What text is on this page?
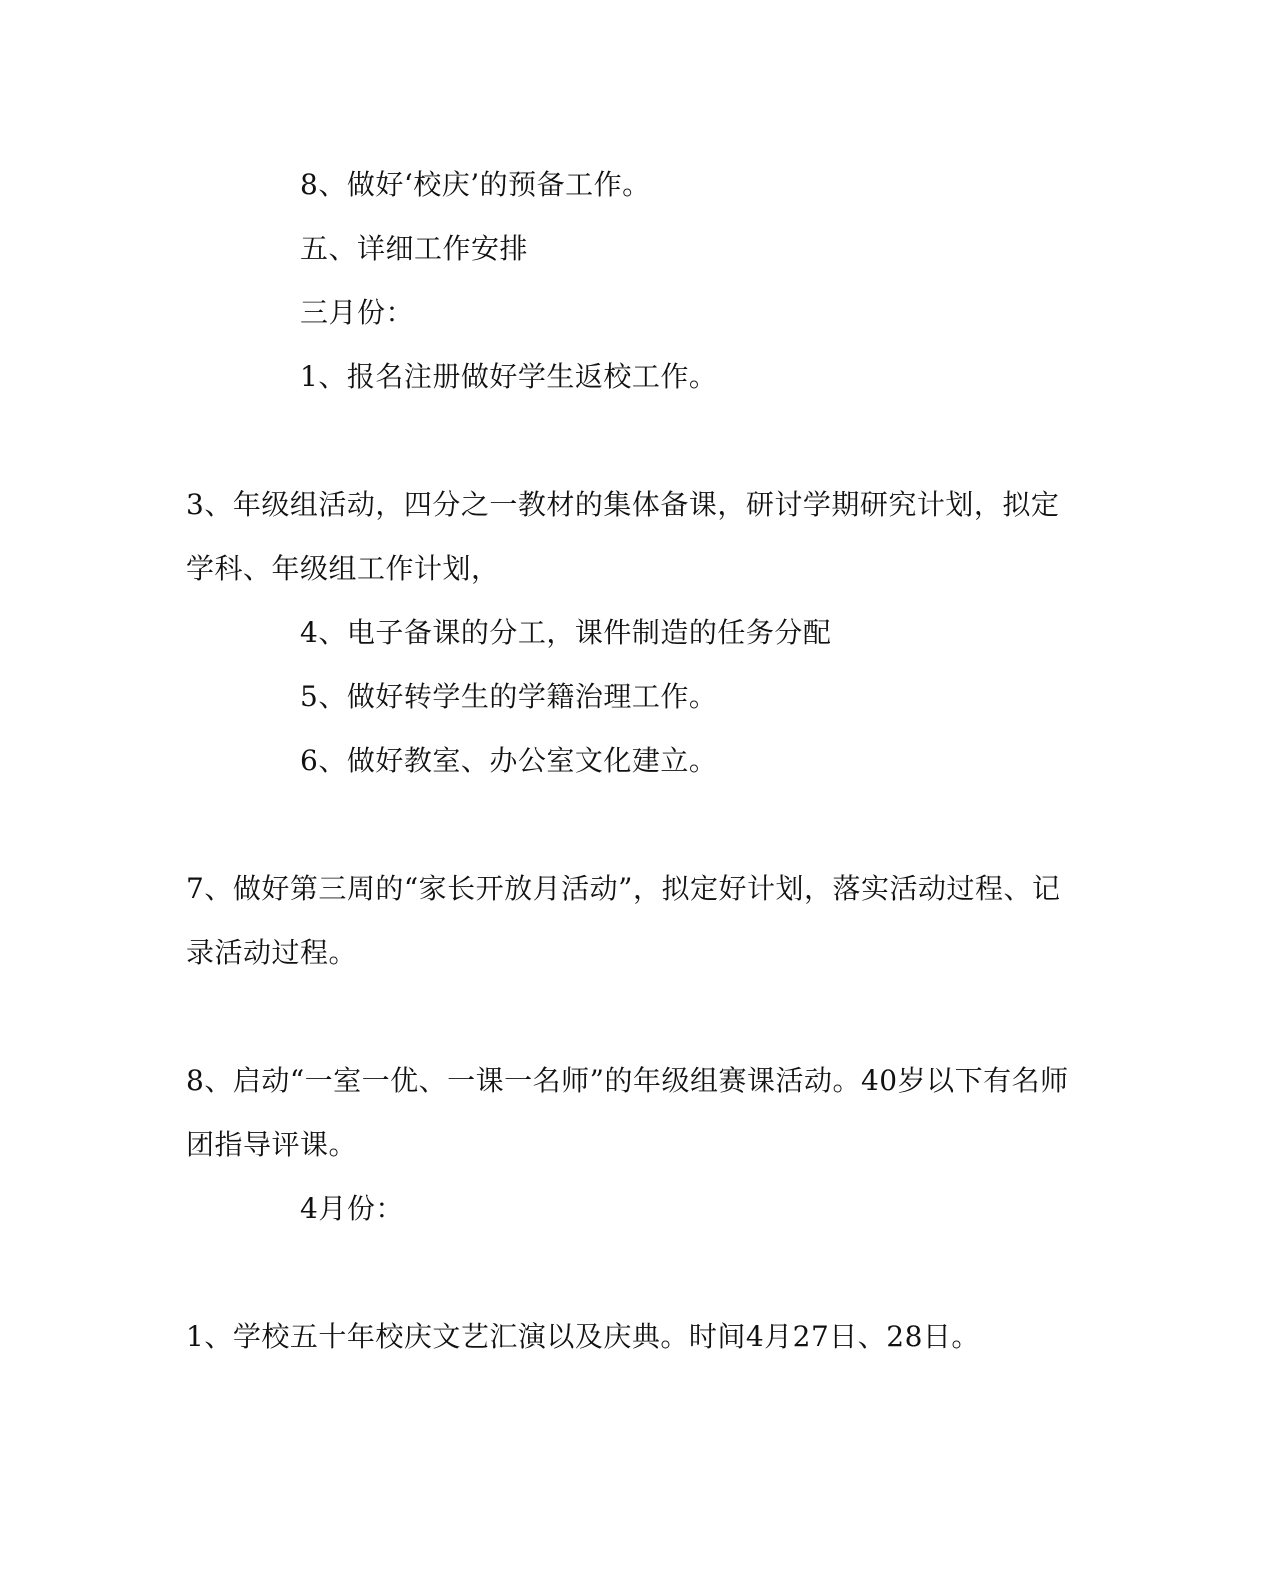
8、做好‘校庆’的预备工作。
五、详细工作安排
三月份：
1、报名注册做好学生返校工作。
3、年级组活动，四分之一教材的集体备课，研讨学期研究计划，拟定
学科、年级组工作计划，
4、电子备课的分工，课件制造的任务分配
5、做好转学生的学籍治理工作。
6、做好教室、办公室文化建立。
7、做好第三周的“家长开放月活动”，拟定好计划，落实活动过程、记
录活动过程。
8、启动“一室一优、一课一名师”的年级组赛课活动。40岁以下有名师
团指导评课。
4月份：
1、学校五十年校庆文艺汇演以及庆典。时间4月27日、28日。
